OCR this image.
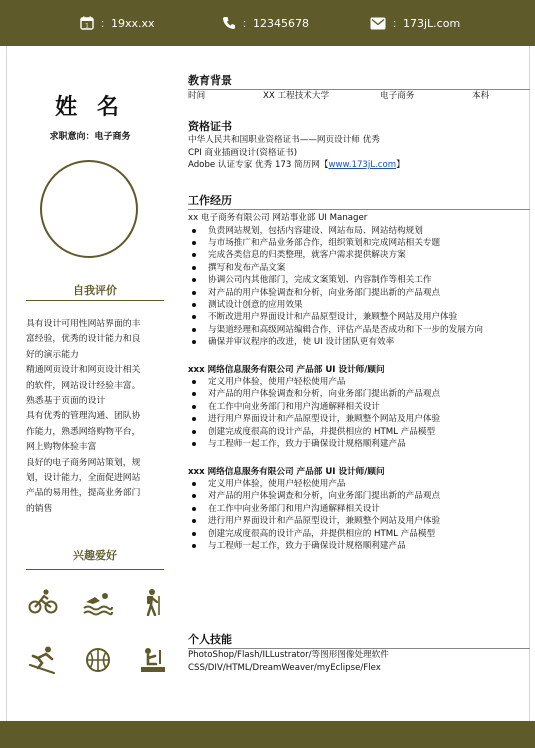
1 ：19xx.xx	：12345678	：173jL.com
姓 名
求职意向：电子商务
自我评价
具有设计可用性网站界面的丰
富经验，优秀的设计能力和良
好的演示能力
精通网页设计和网页设计相关
的软件，网站设计经验丰富。
熟悉基于页面的设计
具有优秀的管理沟通、团队协
作能力，熟悉网络购物平台，
网上购物体验丰富
良好的电子商务网站策划，规
划，设计能力，全面促进网站
产品的易用性，提高业务部门
的销售
兴趣爱好
教育背景
时间	XX 工程技术大学	电子商务	本科
资格证书
中华人民共和国职业资格证书——网页设计师 优秀
CPI 商业插画设计(资格证书)
Adobe 认证专家 优秀 173 简历网【www.173jL.com】
工作经历
xx 电子商务有限公司 网站事业部 UI Manager
负责网站规划，包括内容建设、网站布局、网站结构规划
与市场推广和产品业务部合作，组织策划和完成网站相关专题
完成各类信息的归类整理，就客户需求提供解决方案
撰写和发布产品文案
协调公司内其他部门，完成文案策划、内容制作等相关工作
对产品的用户体验调查和分析，向业务部门提出新的产品观点
测试设计创意的应用效果
不断改进用户界面设计和产品原型设计，兼顾整个网站及用户体验
与渠道经理和高级网站编辑合作，评估产品是否成功和下一步的发展方向
确保并审议程序的改进，使 UI 设计团队更有效率
xxx 网络信息服务有限公司 产品部 UI 设计师/顾问
定义用户体验，使用户轻松使用产品
对产品的用户体验调查和分析，向业务部门提出新的产品观点
在工作中向业务部门和用户沟通解释相关设计
进行用户界面设计和产品原型设计，兼顾整个网站及用户体验
创建完成度很高的设计产品，并提供相应的 HTML 产品模型
与工程师一起工作，致力于确保设计规格顺利建产品
xxx 网络信息服务有限公司 产品部 UI 设计师/顾问
定义用户体验，使用户轻松使用产品
对产品的用户体验调查和分析，向业务部门提出新的产品观点
在工作中向业务部门和用户沟通解释相关设计
进行用户界面设计和产品原型设计，兼顾整个网站及用户体验
创建完成度很高的设计产品，并提供相应的 HTML 产品模型
与工程师一起工作，致力于确保设计规格顺利建产品
个人技能
PhotoShop/Flash/ILLustrator/等图形图像处理软件
CSS/DIV/HTML/DreamWeaver/myEclipse/Flex
